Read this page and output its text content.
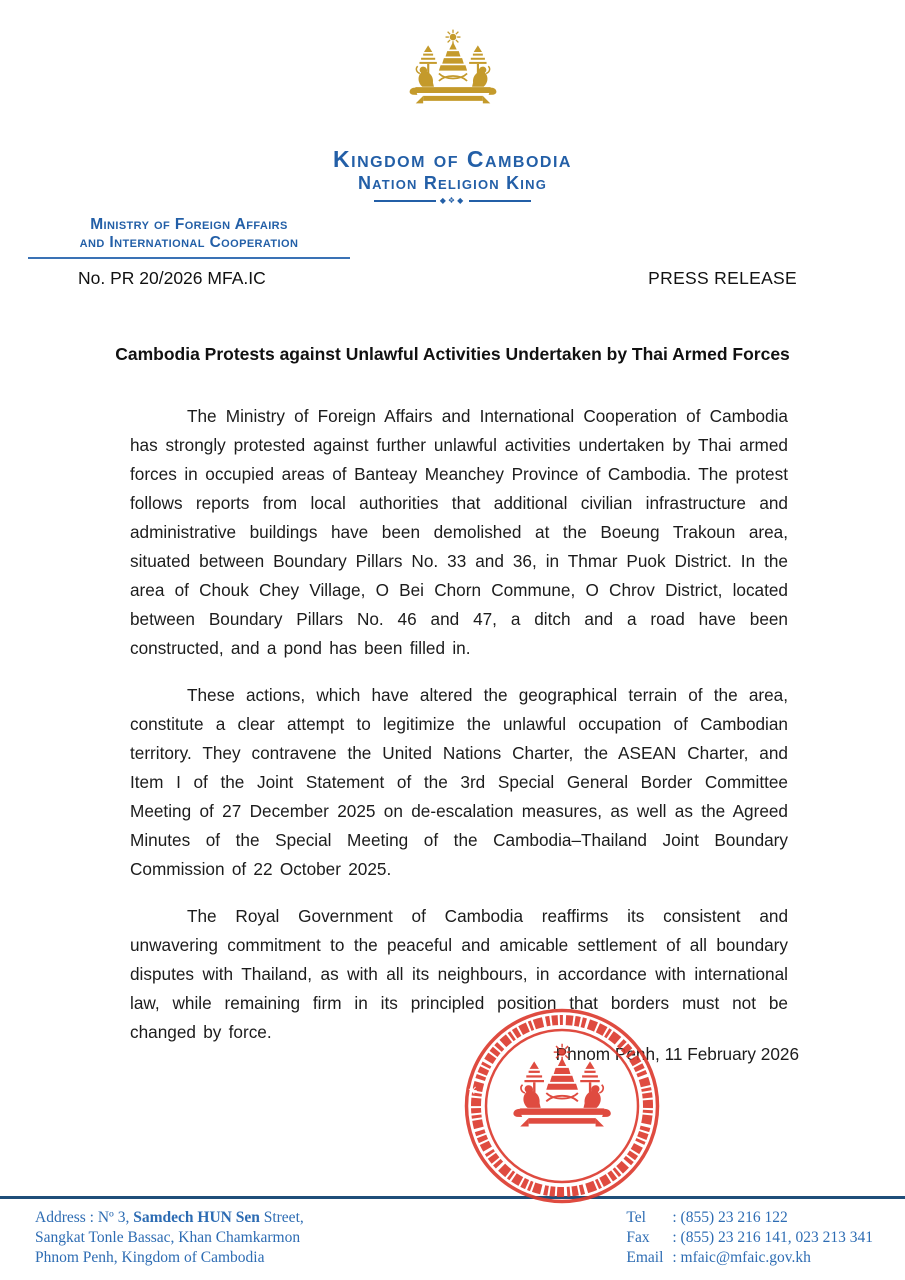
Kingdom of Cambodia
Nation Religion King
◆❖◆
Ministry of Foreign Affairs
and International Cooperation
No. PR 20/2026 MFA.IC	PRESS RELEASE
Cambodia Protests against Unlawful Activities Undertaken by Thai Armed Forces

The Ministry of Foreign Affairs and International Cooperation of Cambodia has strongly protested against further unlawful activities undertaken by Thai armed forces in occupied areas of Banteay Meanchey Province of Cambodia. The protest follows reports from local authorities that additional civilian infrastructure and administrative buildings have been demolished at the Boeung Trakoun area, situated between Boundary Pillars No. 33 and 36, in Thmar Puok District. In the area of Chouk Chey Village, O Bei Chorn Commune, O Chrov District, located between Boundary Pillars No. 46 and 47, a ditch and a road have been constructed, and a pond has been filled in.

These actions, which have altered the geographical terrain of the area, constitute a clear attempt to legitimize the unlawful occupation of Cambodian territory. They contravene the United Nations Charter, the ASEAN Charter, and Item I of the Joint Statement of the 3rd Special General Border Committee Meeting of 27 December 2025 on de-escalation measures, as well as the Agreed Minutes of the Special Meeting of the Cambodia–Thailand Joint Boundary Commission of 22 October 2025.

The Royal Government of Cambodia reaffirms its consistent and unwavering commitment to the peaceful and amicable settlement of all boundary disputes with Thailand, as with all its neighbours, in accordance with international law, while remaining firm in its principled position that borders must not be changed by force.

Phnom Penh, 11 February 2026
*
Address : Nº 3, Samdech HUN Sen Street,
Sangkat Tonle Bassac, Khan Chamkarmon
Phnom Penh, Kingdom of Cambodia
Tel : (855) 23 216 122
Fax : (855) 23 216 141, 023 213 341
Email : mfaic@mfaic.gov.kh
